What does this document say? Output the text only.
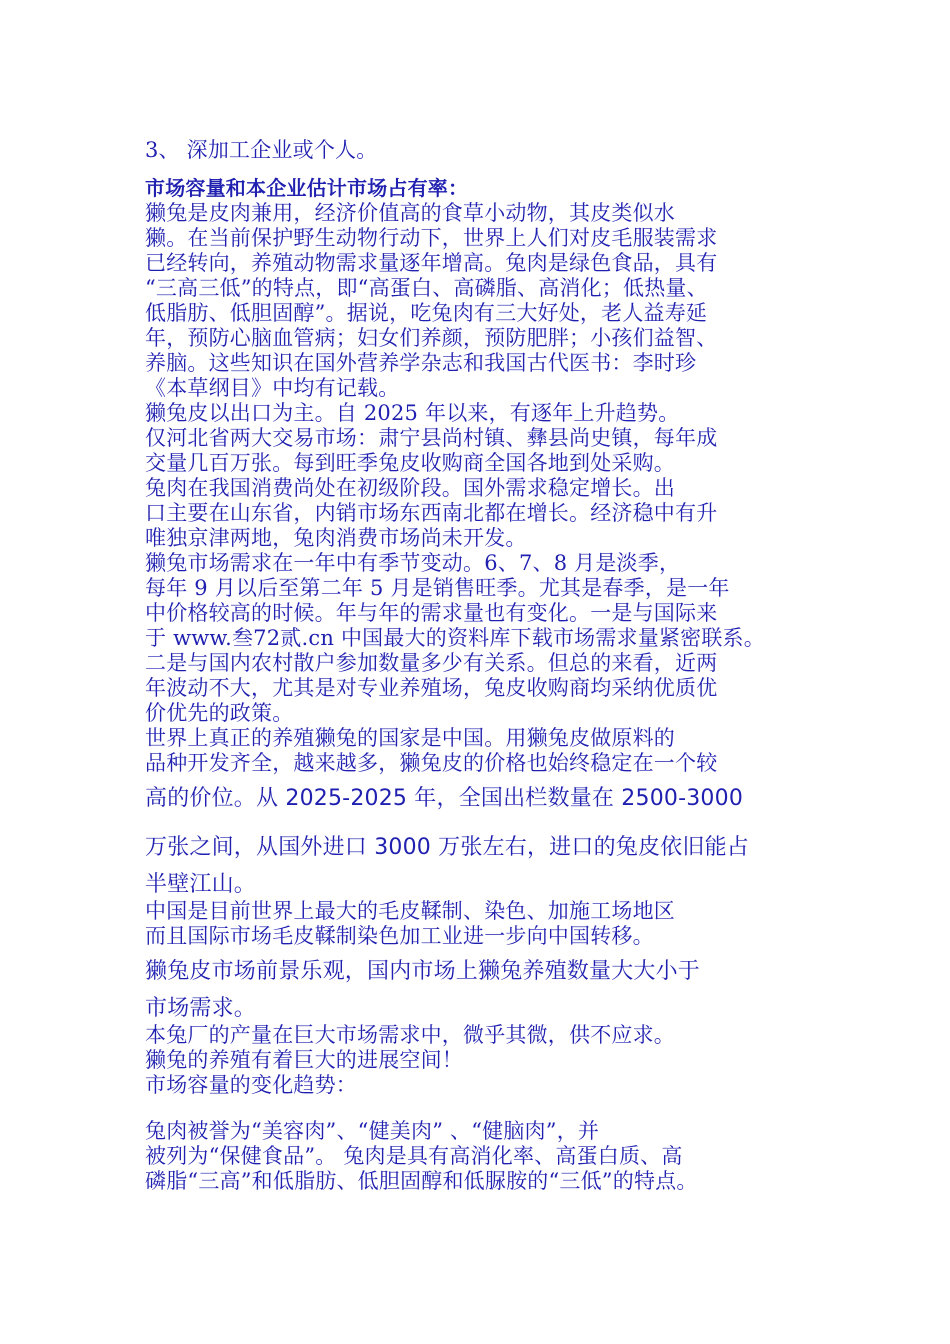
3、 深加工企业或个人。
市场容量和本企业估计市场占有率：
獭兔是皮肉兼用，经济价值高的食草小动物，其皮类似水
獭。在当前保护野生动物行动下，世界上人们对皮毛服装需求
已经转向，养殖动物需求量逐年增高。兔肉是绿色食品，具有
“三高三低”的特点，即“高蛋白、高磷脂、高消化；低热量、
低脂肪、低胆固醇”。据说，吃兔肉有三大好处，老人益寿延
年，预防心脑血管病；妇女们养颜，预防肥胖；小孩们益智、
养脑。这些知识在国外营养学杂志和我国古代医书：李时珍
《本草纲目》中均有记载。
獭兔皮以出口为主。自 2025 年以来，有逐年上升趋势。
仅河北省两大交易市场：肃宁县尚村镇、彝县尚史镇，每年成
交量几百万张。每到旺季兔皮收购商全国各地到处采购。
兔肉在我国消费尚处在初级阶段。国外需求稳定增长。出
口主要在山东省，内销市场东西南北都在增长。经济稳中有升
唯独京津两地，兔肉消费市场尚未开发。
獭兔市场需求在一年中有季节变动。6、7、8 月是淡季，
每年 9 月以后至第二年 5 月是销售旺季。尤其是春季，是一年
中价格较高的时候。年与年的需求量也有变化。一是与国际来
于 www.叁72贰.cn 中国最大的资料库下载市场需求量紧密联系。
二是与国内农村散户参加数量多少有关系。但总的来看，近两
年波动不大，尤其是对专业养殖场，兔皮收购商均采纳优质优
价优先的政策。
世界上真正的养殖獭兔的国家是中国。用獭兔皮做原料的
品种开发齐全，越来越多，獭兔皮的价格也始终稳定在一个较
高的价位。从 2025-2025 年，全国出栏数量在 2500-3000
万张之间，从国外进口 3000 万张左右，进口的兔皮依旧能占
半壁江山。
中国是目前世界上最大的毛皮鞣制、染色、加施工场地区
而且国际市场毛皮鞣制染色加工业进一步向中国转移。
獭兔皮市场前景乐观，国内市场上獭兔养殖数量大大小于
市场需求。
本兔厂的产量在巨大市场需求中，微乎其微，供不应求。
獭兔的养殖有着巨大的进展空间！
市场容量的变化趋势：
兔肉被誉为“美容肉”、“健美肉” 、“健脑肉”，并
被列为“保健食品”。 兔肉是具有高消化率、高蛋白质、高
磷脂“三高”和低脂肪、低胆固醇和低脲胺的“三低”的特点。
